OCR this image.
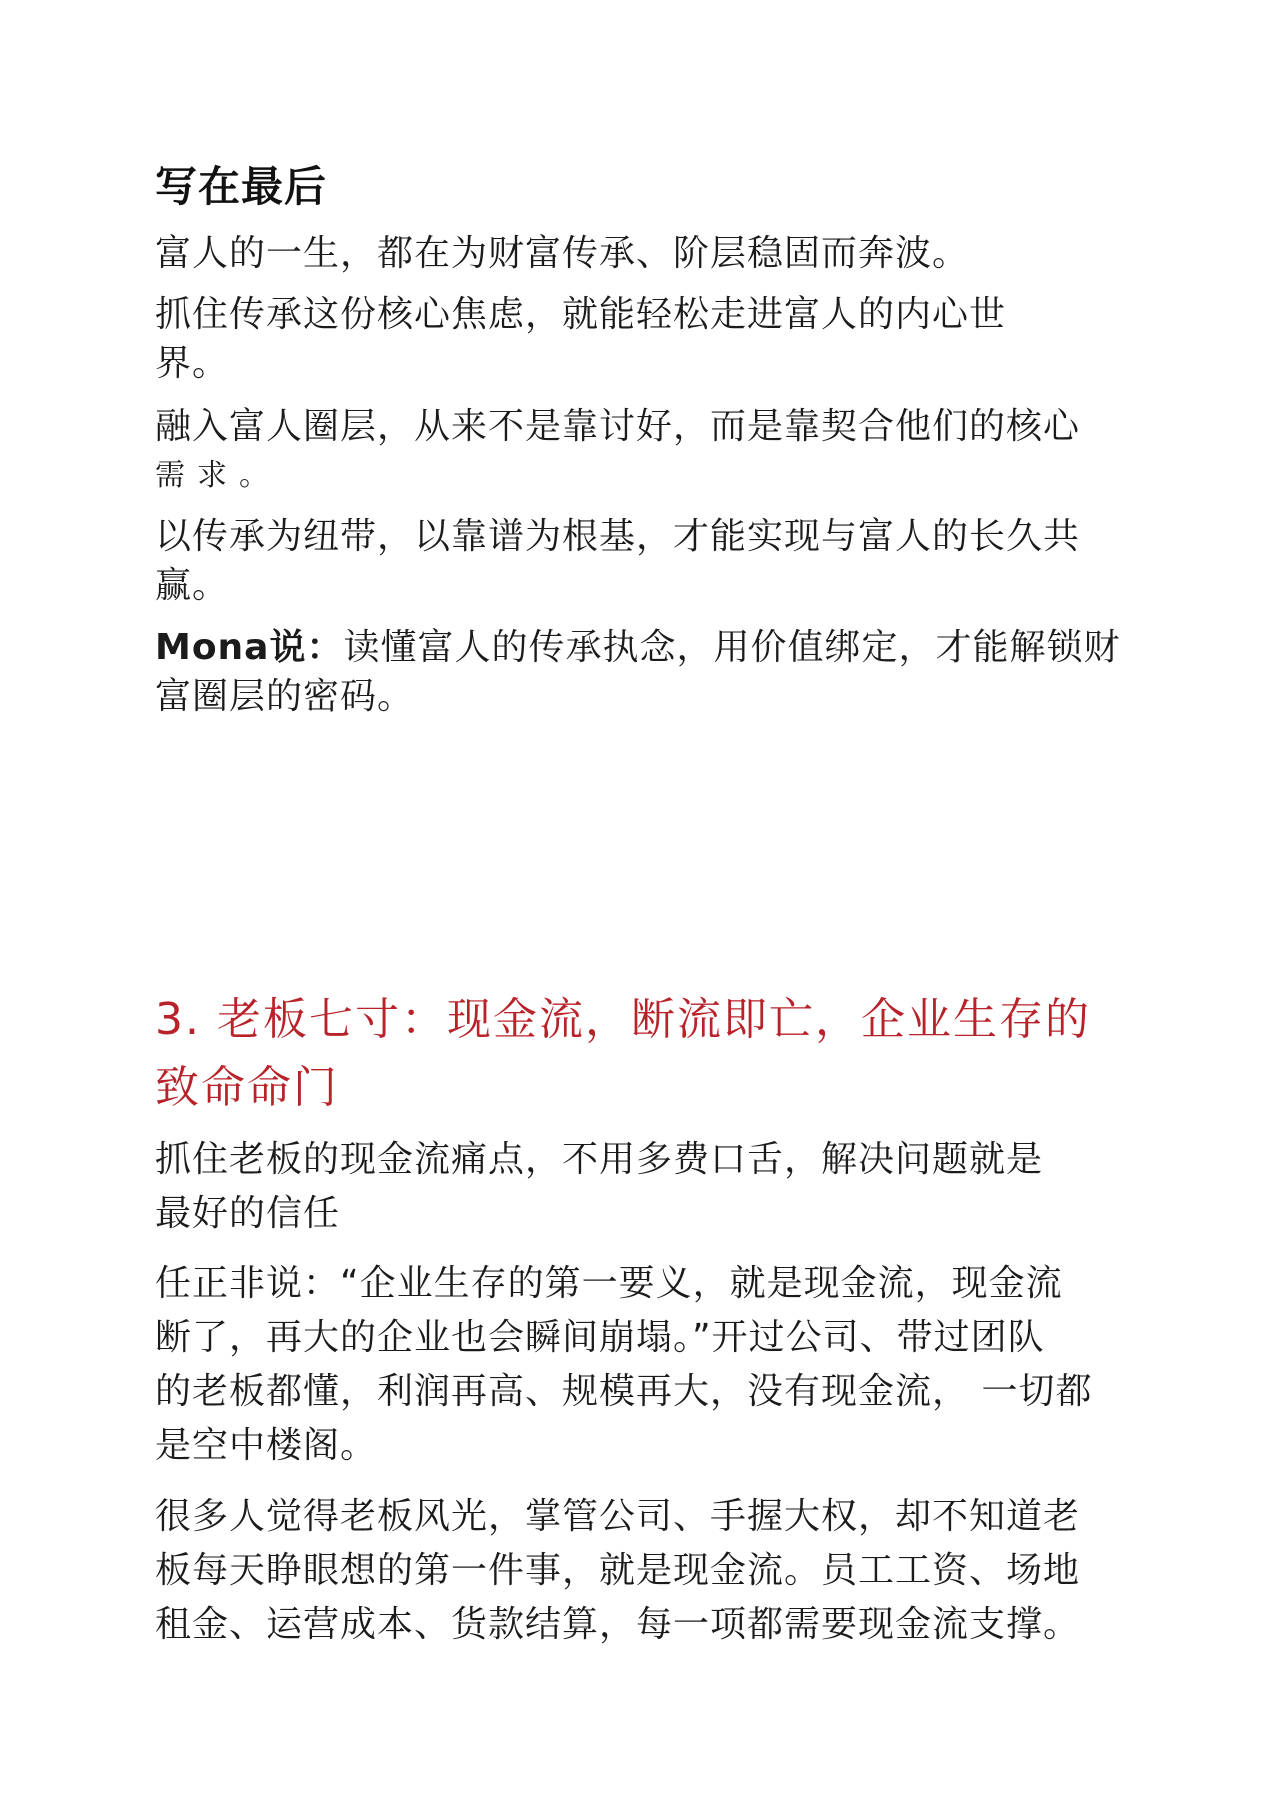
写在最后
富人的一生，都在为财富传承、阶层稳固而奔波。
抓住传承这份核心焦虑，就能轻松走进富人的内心世
界。
融入富人圈层，从来不是靠讨好，而是靠契合他们的核心
需求。
以传承为纽带，以靠谱为根基，才能实现与富人的长久共
赢。
Mona说：读懂富人的传承执念，用价值绑定，才能解锁财
富圈层的密码。
3. 老板七寸：现金流，断流即亡，企业生存的
致命命门
抓住老板的现金流痛点，不用多费口舌，解决问题就是
最好的信任
任正非说：“企业生存的第一要义，就是现金流，现金流
断了，再大的企业也会瞬间崩塌。”开过公司、带过团队
的老板都懂，利润再高、规模再大，没有现金流， 一切都
是空中楼阁。
很多人觉得老板风光，掌管公司、手握大权，却不知道老
板每天睁眼想的第一件事，就是现金流。员工工资、场地
租金、运营成本、货款结算，每一项都需要现金流支撑。
